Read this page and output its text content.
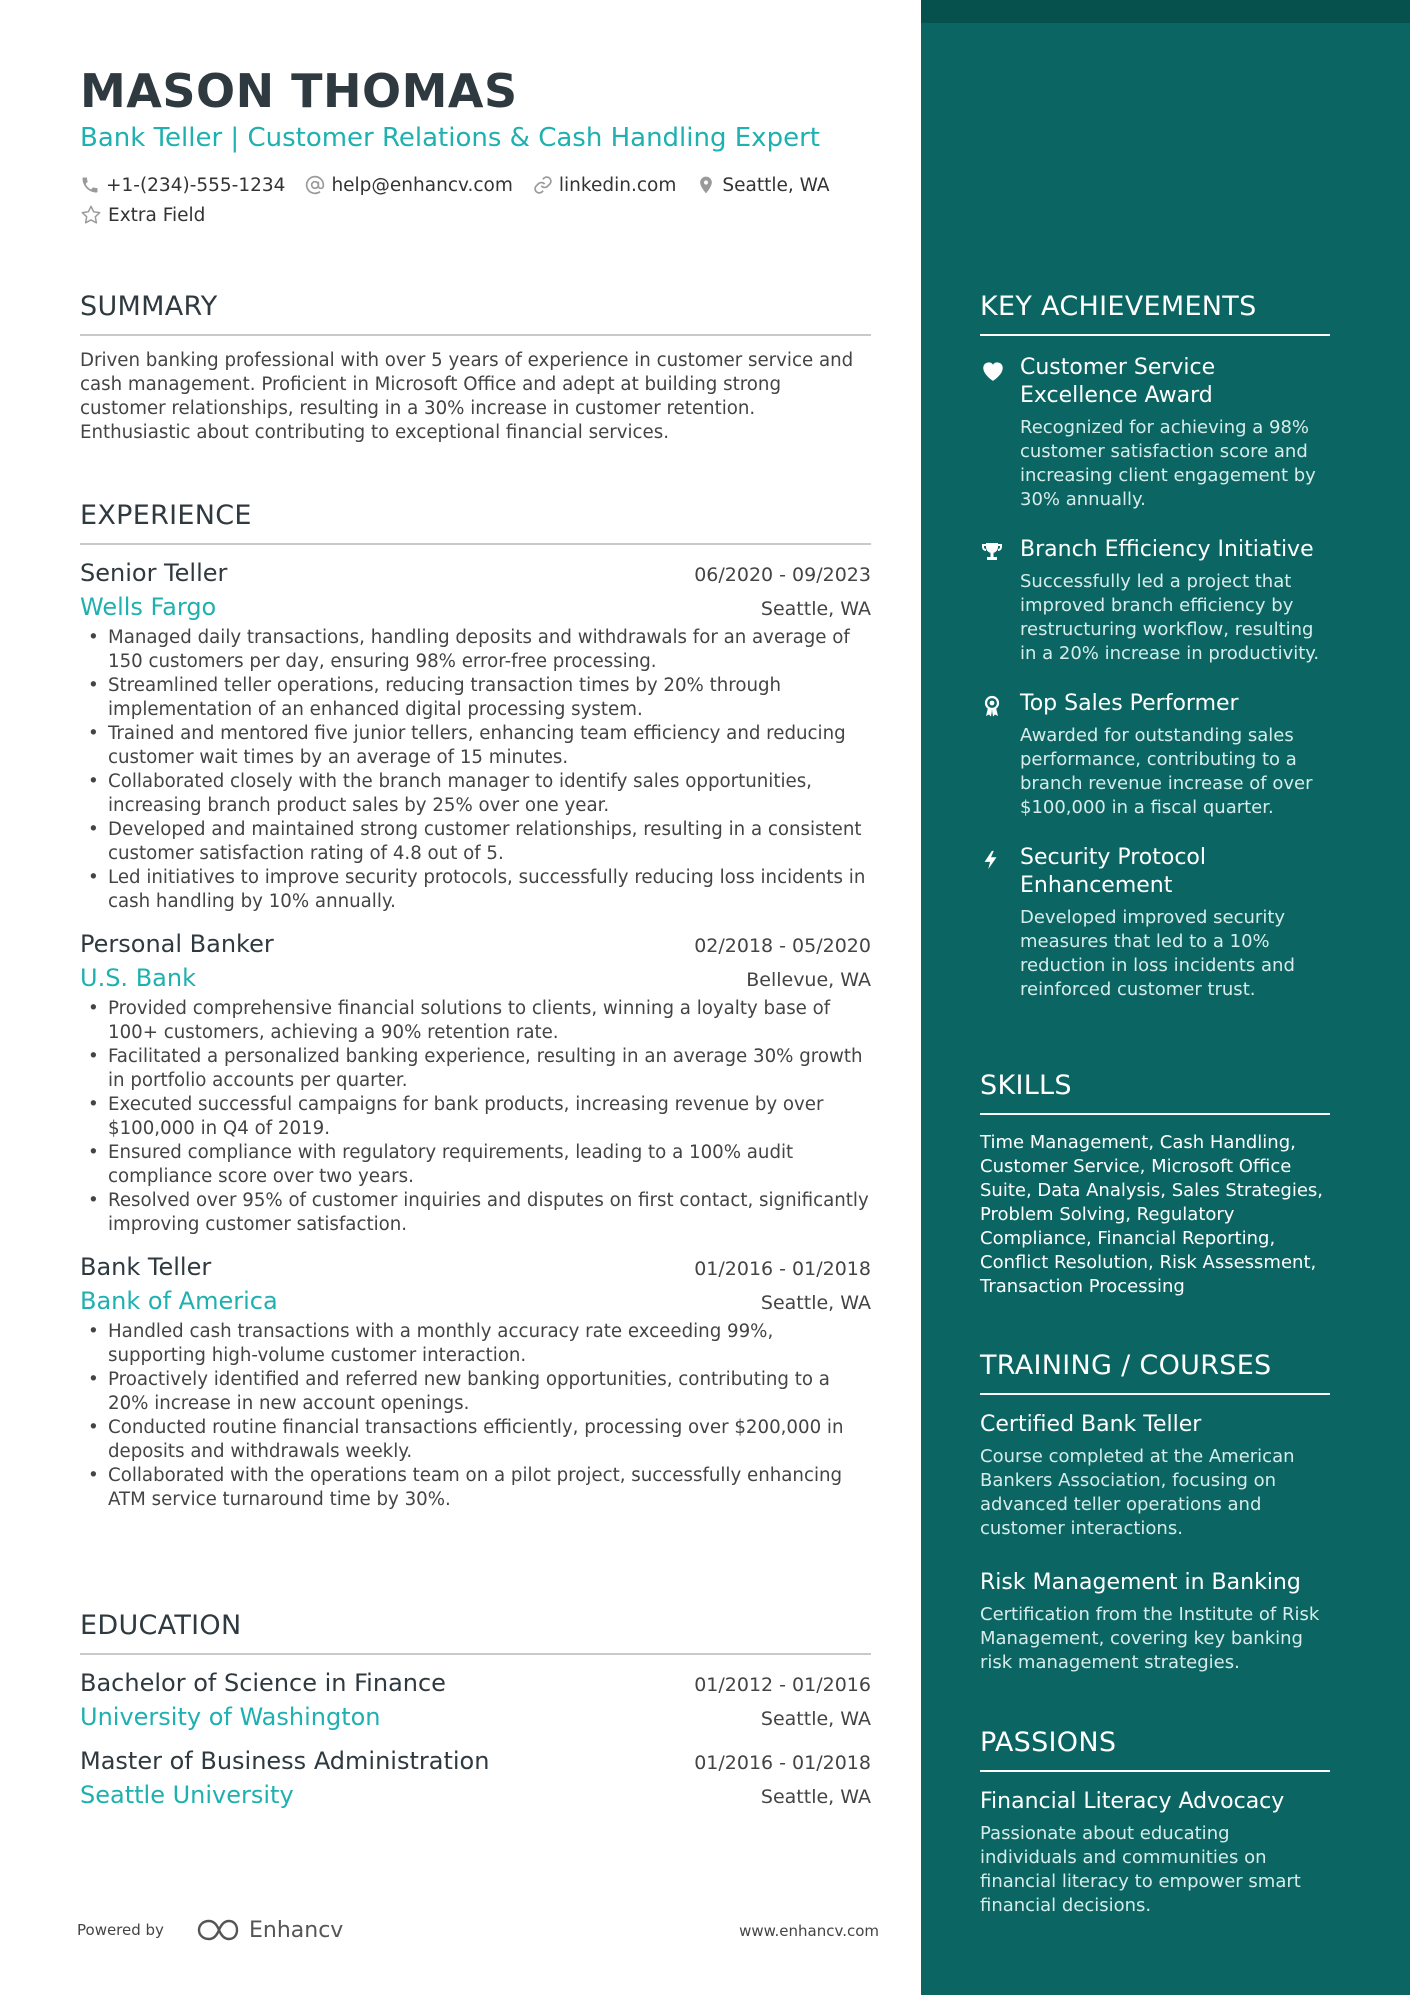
MASON THOMAS
Bank Teller | Customer Relations & Cash Handling Expert
+1-(234)-555-1234 help@enhancv.com linkedin.com Seattle, WA
Extra Field
SUMMARY
Driven banking professional with over 5 years of experience in customer service and cash management. Proficient in Microsoft Office and adept at building strong customer relationships, resulting in a 30% increase in customer retention. Enthusiastic about contributing to exceptional financial services.
EXPERIENCE
Senior Teller	06/2020 - 09/2023
Wells Fargo	Seattle, WA
• Managed daily transactions, handling deposits and withdrawals for an average of 150 customers per day, ensuring 98% error-free processing.
• Streamlined teller operations, reducing transaction times by 20% through implementation of an enhanced digital processing system.
• Trained and mentored five junior tellers, enhancing team efficiency and reducing customer wait times by an average of 15 minutes.
• Collaborated closely with the branch manager to identify sales opportunities, increasing branch product sales by 25% over one year.
• Developed and maintained strong customer relationships, resulting in a consistent customer satisfaction rating of 4.8 out of 5.
• Led initiatives to improve security protocols, successfully reducing loss incidents in cash handling by 10% annually.
Personal Banker	02/2018 - 05/2020
U.S. Bank	Bellevue, WA
• Provided comprehensive financial solutions to clients, winning a loyalty base of 100+ customers, achieving a 90% retention rate.
• Facilitated a personalized banking experience, resulting in an average 30% growth in portfolio accounts per quarter.
• Executed successful campaigns for bank products, increasing revenue by over $100,000 in Q4 of 2019.
• Ensured compliance with regulatory requirements, leading to a 100% audit compliance score over two years.
• Resolved over 95% of customer inquiries and disputes on first contact, significantly improving customer satisfaction.
Bank Teller	01/2016 - 01/2018
Bank of America	Seattle, WA
• Handled cash transactions with a monthly accuracy rate exceeding 99%, supporting high-volume customer interaction.
• Proactively identified and referred new banking opportunities, contributing to a 20% increase in new account openings.
• Conducted routine financial transactions efficiently, processing over $200,000 in deposits and withdrawals weekly.
• Collaborated with the operations team on a pilot project, successfully enhancing ATM service turnaround time by 30%.
EDUCATION
Bachelor of Science in Finance	01/2012 - 01/2016
University of Washington	Seattle, WA
Master of Business Administration	01/2016 - 01/2018
Seattle University	Seattle, WA
Powered by	Enhancv	www.enhancv.com
KEY ACHIEVEMENTS
Customer Service Excellence Award
Recognized for achieving a 98% customer satisfaction score and increasing client engagement by 30% annually.
Branch Efficiency Initiative
Successfully led a project that improved branch efficiency by restructuring workflow, resulting in a 20% increase in productivity.
Top Sales Performer
Awarded for outstanding sales performance, contributing to a branch revenue increase of over $100,000 in a fiscal quarter.
Security Protocol Enhancement
Developed improved security measures that led to a 10% reduction in loss incidents and reinforced customer trust.
SKILLS
Time Management, Cash Handling, Customer Service, Microsoft Office Suite, Data Analysis, Sales Strategies, Problem Solving, Regulatory Compliance, Financial Reporting, Conflict Resolution, Risk Assessment, Transaction Processing
TRAINING / COURSES
Certified Bank Teller
Course completed at the American Bankers Association, focusing on advanced teller operations and customer interactions.
Risk Management in Banking
Certification from the Institute of Risk Management, covering key banking risk management strategies.
PASSIONS
Financial Literacy Advocacy
Passionate about educating individuals and communities on financial literacy to empower smart financial decisions.
